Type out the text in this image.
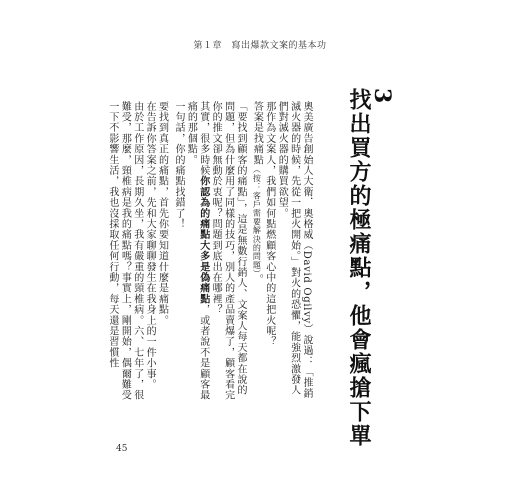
第１章　寫出爆款文案的基本功
3
找出買方的極痛點，他會瘋搶下單

奧美廣告創始人大衛．奧格威（David Ogilvy）說過：「推銷滅火器的時候，先從一把火開始。」對火的恐懼，能強烈激發人們對滅火器的購買欲望。

那作為文案人，我們如何點燃顧客心中的這把火呢？

答案是找痛點（按：客戶需要解決的問題）。

「要找到顧客的痛點」，這是無數行銷人、文案人每天都在說的問題，但為什麼用了同樣的技巧，別人的產品賣爆了，顧客看完你的推文卻無動於衷呢？問題到底出在哪裡？

其實，很多時候你認為的痛點大多是偽痛點，或者說不是顧客最痛的那個點。

一句話，你的痛點找錯了！

要找到真正的痛點，首先你要知道什麼是痛點。

在告訴你答案之前，先和大家聊聊發生在我身上的一件小事。

由於工作原因，長期久坐，我有嚴重的頸椎病。六、七年了，很難受，那麼，頸椎病是我的痛點嗎？事實上，剛開始，偶爾難受一下不影響生活，我也沒採取任何行動，每天還是習慣性

45
